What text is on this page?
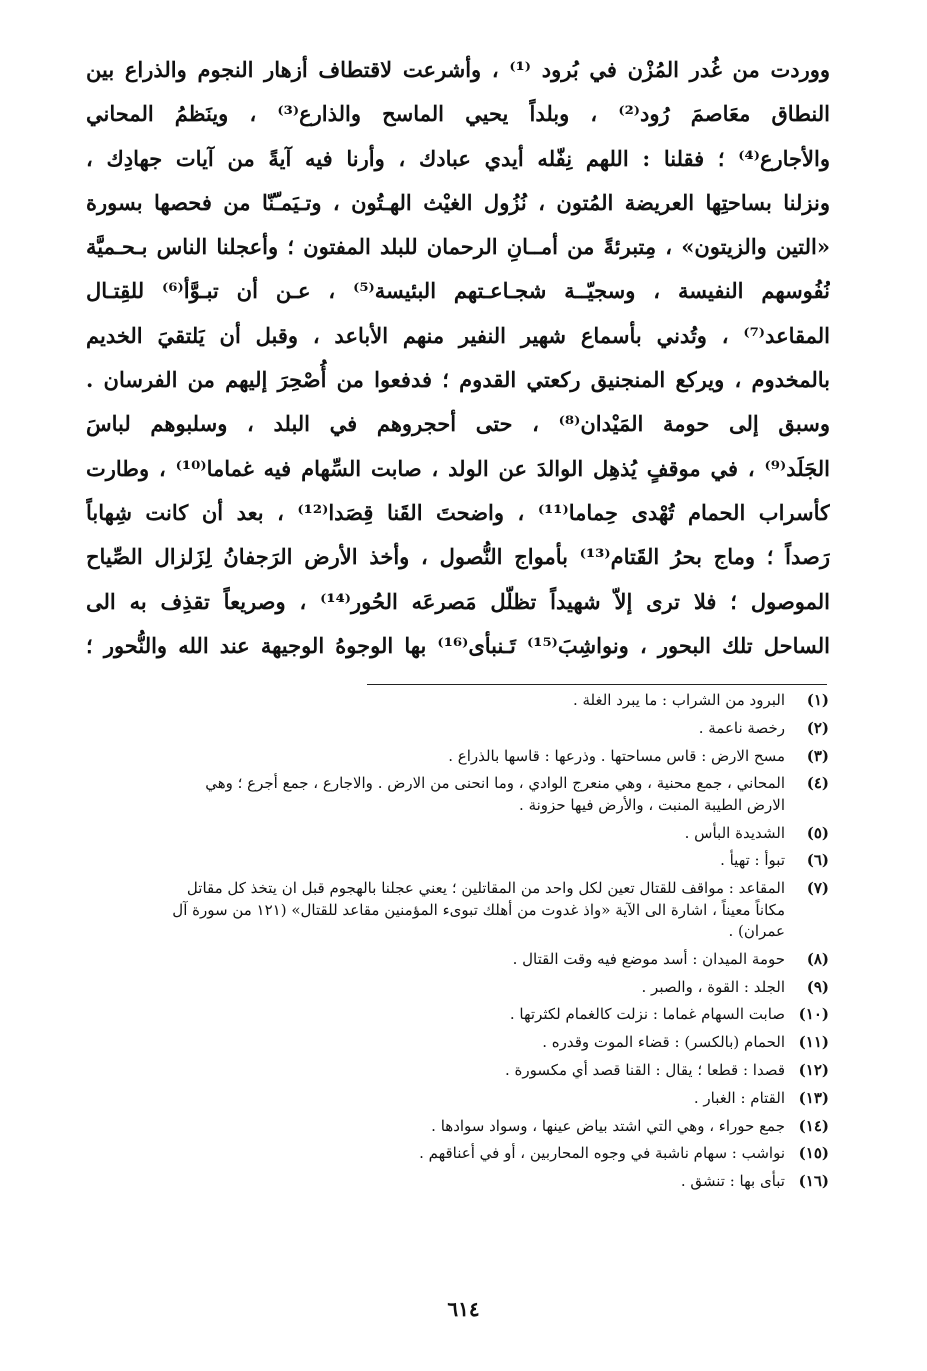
ووردت من غُدر المُزْن في بُرود ⁽¹⁾ ، وأشرعت لاقتطاف أزهار النجوم والذراع بين
النطاق معَاصمَ رُود⁽²⁾ ، وبلداً يحيي الماسح والذارع⁽³⁾ ، وينَظمُ المحاني
والأجارع⁽⁴⁾ ؛ فقلنا : اللهم نِفّله أيدي عبادك ، وأرنا فيه آيةً من آيات جهادِك ،
ونزلنا بساحتِها العريضة المُتون ، نُزُول الغيْث الهـتُون ، وتـيَمـّنّا من فحصها بسورة
«التين والزيتون» ، مِتبرئةً من أمــانِ الرحمان للبلد المفتون ؛ وأعجلنا الناس بـحـميَّة
نُفُوسهم النفيسة ، وسجيّــة شجـاعـتهم البئيسة⁽⁵⁾ ، عـن أن تبـوَّأ⁽⁶⁾ للقِتـال
المقاعد⁽⁷⁾ ، وتُدني بأسماع شهير النفير منهم الأباعد ، وقبل أن يَلتقيَ الخديم
بالمخدوم ، ويركع المنجنيق ركعتي القدوم ؛ فدفعوا من أُصْحِرَ إليهم من الفرسان .
وسبق إلى حومة المَيْدان⁽⁸⁾ ، حتى أحجروهم في البلد ، وسلبوهم لباسَ
الجَلَد⁽⁹⁾ ، في موقفٍ يُذهِل الوالدَ عن الولد ، صابت السِّهام فيه غماما⁽¹⁰⁾ ، وطارت
كأسراب الحمام تُهْدى حِماما⁽¹¹⁾ ، واضحتَ القَنا قِصَدا⁽¹²⁾ ، بعد أن كانت شِهاباً
رَصداً ؛ وماج بحرُ القَتام⁽¹³⁾ بأمواج النُّصول ، وأخذ الأرض الرَجفانُ لِزَلزال الصِّياح
الموصول ؛ فلا ترى إلاّ شهيداً تظلّل مَصرعَه الحُور⁽¹⁴⁾ ، وصريعاً تقذِف به الى
الساحل تلك البحور ، ونواشِبَ⁽¹⁵⁾ تَـنبأى⁽¹⁶⁾ بها الوجوهُ الوجيهة عند الله والنُّحور ؛
(١)
البرود من الشراب : ما يبرد الغلة .
(٢)
رخصة ناعمة .
(٣)
مسح الارض : قاس مساحتها . وذرعها : قاسها بالذراع .
(٤)
المحاني ، جمع محنية ، وهي منعرج الوادي ، وما انحنى من الارض . والاجارع ، جمع أجرع ؛ وهي
الارض الطيبة المنبت ، والأرض فيها حزونة .
(٥)
الشديدة البأس .
(٦)
تبوأ : تهيأ .
(٧)
المقاعد : مواقف للقتال تعين لكل واحد من المقاتلين ؛ يعني عجلنا بالهجوم قبل ان يتخذ كل مقاتل
مكاناً معيناً ، اشارة الى الآية «واذ غدوت من أهلك تبوىء المؤمنين مقاعد للقتال» (١٢١ من سورة آل
عمران) .
(٨)
حومة الميدان : أسد موضع فيه وقت القتال .
(٩)
الجلد : القوة ، والصبر .
(١٠)
صابت السهام غماما : نزلت كالغمام لكثرتها .
(١١)
الحمام (بالكسر) : قضاء الموت وقدره .
(١٢)
قصدا : قطعا ؛ يقال : القنا قصد أي مكسورة .
(١٣)
القتام : الغبار .
(١٤)
جمع حوراء ، وهي التي اشتد بياض عينها ، وسواد سوادها .
(١٥)
نواشب : سهام ناشبة في وجوه المحاربين ، أو في أعناقهم .
(١٦)
تبأى بها : تنشق .
٦١٤
